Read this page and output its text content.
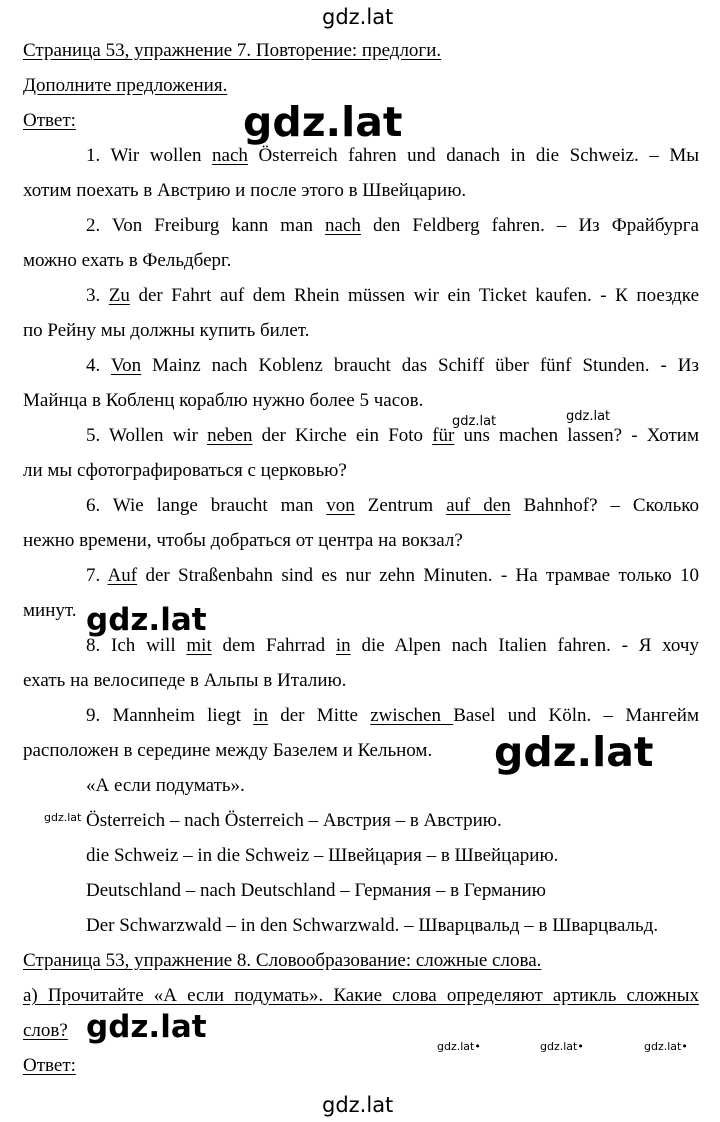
gdz.lat
Страница 53, упражнение 7. Повторение: предлоги.
Дополните предложения.
Ответ:
1. Wir wollen nach Österreich fahren und danach in die Schweiz. – Мы
хотим поехать в Австрию и после этого в Швейцарию.
2. Von Freiburg kann man nach den Feldberg fahren. – Из Фрайбурга
можно ехать в Фельдберг.
3. Zu der Fahrt auf dem Rhein müssen wir ein Ticket kaufen. - К поездке
по Рейну мы должны купить билет.
4. Von Mainz nach Koblenz braucht das Schiff über fünf Stunden. - Из
Майнца в Кобленц кораблю нужно более 5 часов.
5. Wollen wir neben der Kirche ein Foto für uns machen lassen? - Хотим
ли мы сфотографироваться с церковью?
6. Wie lange braucht man von Zentrum auf den Bahnhof? – Сколько
нежно времени, чтобы добраться от центра на вокзал?
7. Auf der Straßenbahn sind es nur zehn Minuten. - На трамвае только 10
минут.
8. Ich will mit dem Fahrrad in die Alpen nach Italien fahren. - Я хочу
ехать на велосипеде в Альпы в Италию.
9. Mannheim liegt in der Mitte zwischen Basel und Köln. – Мангейм
расположен в середине между Базелем и Кельном.
«А если подумать».
Österreich – nach Österreich – Австрия – в Австрию.
die Schweiz – in die Schweiz – Швейцария – в Швейцарию.
Deutschland – nach Deutschland – Германия – в Германию
Der Schwarzwald – in den Schwarzwald. – Шварцвальд – в Шварцвальд.
Страница 53, упражнение 8. Словообразование: сложные слова.
а) Прочитайте «А если подумать». Какие слова определяют артикль сложных
слов?
Ответ:
gdz.lat
gdz.lat
gdz.lat
gdz.lat
gdz.lat	gdz.lat
gdz.lat
gdz.lat•	gdz.lat•	gdz.lat•
gdz.lat
